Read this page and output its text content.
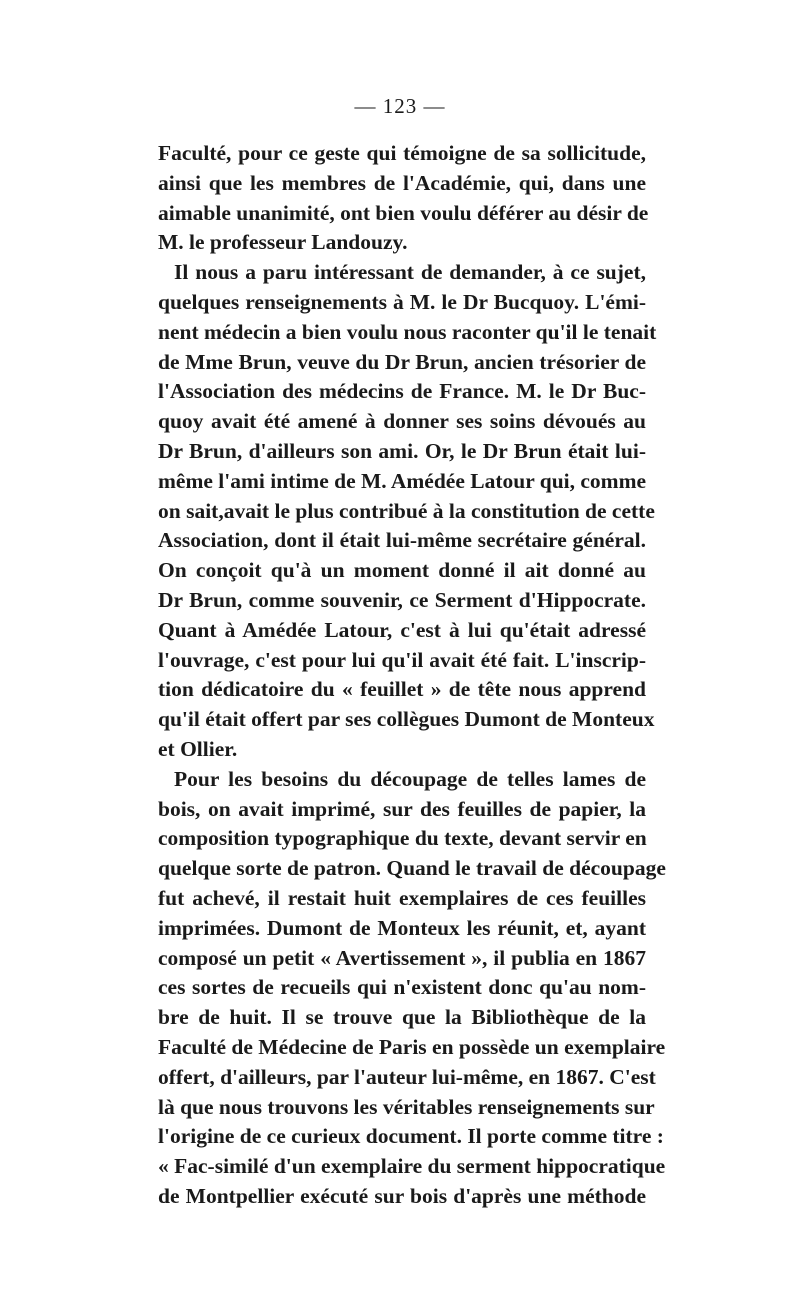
— 123 —
Faculté, pour ce geste qui témoigne de sa sollicitude,
ainsi que les membres de l'Académie, qui, dans une
aimable unanimité, ont bien voulu déférer au désir de
M. le professeur Landouzy.
Il nous a paru intéressant de demander, à ce sujet,
quelques renseignements à M. le Dr Bucquoy. L'émi-
nent médecin a bien voulu nous raconter qu'il le tenait
de Mme Brun, veuve du Dr Brun, ancien trésorier de
l'Association des médecins de France. M. le Dr Buc-
quoy avait été amené à donner ses soins dévoués au
Dr Brun, d'ailleurs son ami. Or, le Dr Brun était lui-
même l'ami intime de M. Amédée Latour qui, comme
on sait,avait le plus contribué à la constitution de cette
Association, dont il était lui-même secrétaire général.
On conçoit qu'à un moment donné il ait donné au
Dr Brun, comme souvenir, ce Serment d'Hippocrate.
Quant à Amédée Latour, c'est à lui qu'était adressé
l'ouvrage, c'est pour lui qu'il avait été fait. L'inscrip-
tion dédicatoire du « feuillet » de tête nous apprend
qu'il était offert par ses collègues Dumont de Monteux
et Ollier.
Pour les besoins du découpage de telles lames de
bois, on avait imprimé, sur des feuilles de papier, la
composition typographique du texte, devant servir en
quelque sorte de patron. Quand le travail de découpage
fut achevé, il restait huit exemplaires de ces feuilles
imprimées. Dumont de Monteux les réunit, et, ayant
composé un petit « Avertissement », il publia en 1867
ces sortes de recueils qui n'existent donc qu'au nom-
bre de huit. Il se trouve que la Bibliothèque de la
Faculté de Médecine de Paris en possède un exemplaire
offert, d'ailleurs, par l'auteur lui-même, en 1867. C'est
là que nous trouvons les véritables renseignements sur
l'origine de ce curieux document. Il porte comme titre :
« Fac-similé d'un exemplaire du serment hippocratique
de Montpellier exécuté sur bois d'après une méthode
